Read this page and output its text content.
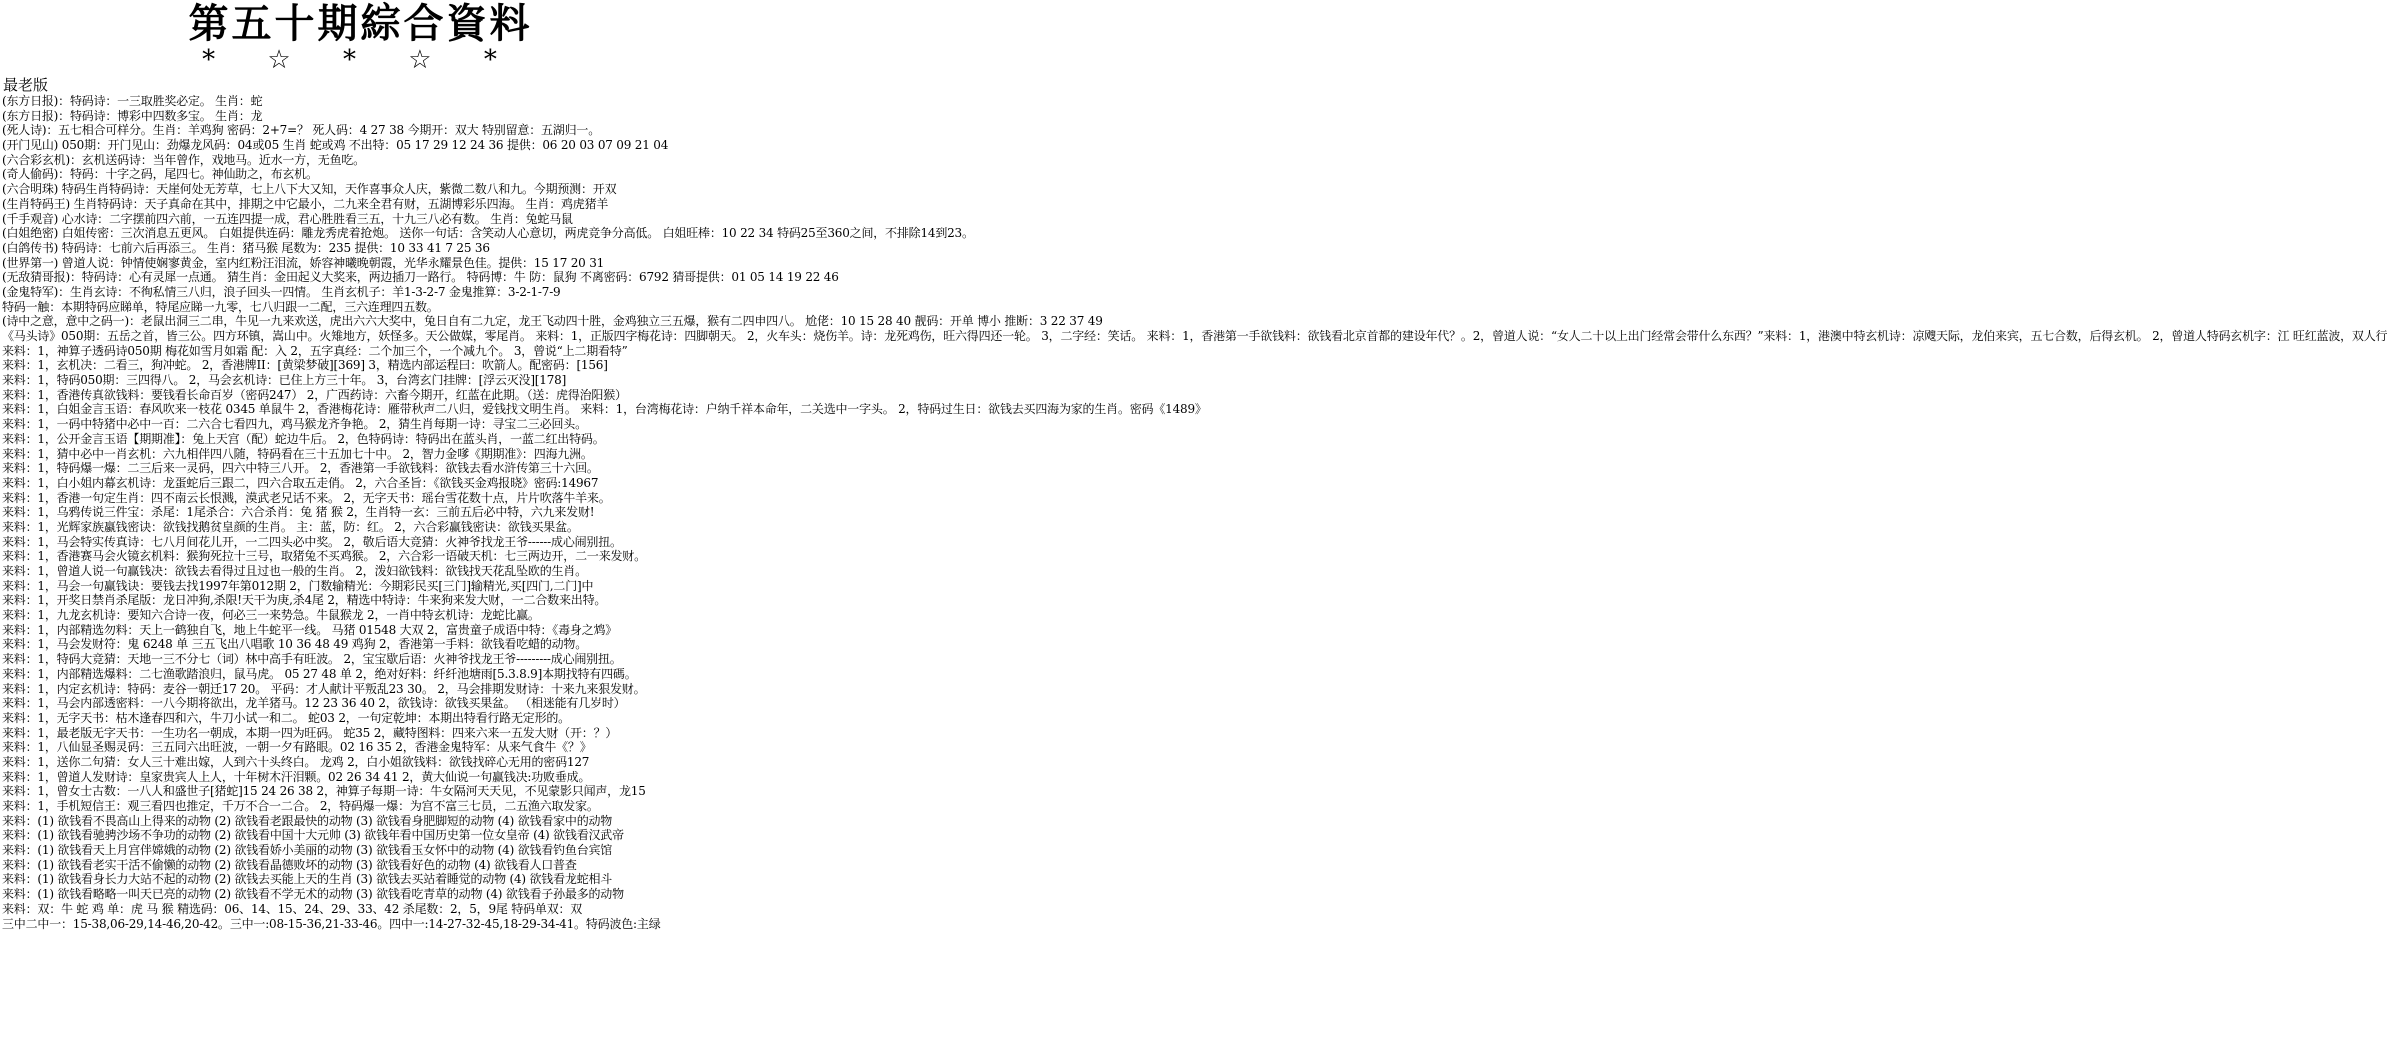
第五十期綜合資料
* ☆ * ☆ *
最老版
(东方日报)：特码诗：一三取胜奖必定。 生肖：蛇
(东方日报)：特码诗：博彩中四数多宝。 生肖：龙
(死人诗)：五七相合可样分。生肖：羊鸡狗 密码：2+7=？ 死人码：4 27 38 今期开：双大 特别留意：五湖归一。
(开门见山) 050期：开门见山：劲爆龙风码：04或05 生肖 蛇或鸡 不出特：05 17 29 12 24 36 提供：06 20 03 07 09 21 04
(六合彩玄机)：玄机送码诗：当年曾作，戏地马。近水一方，无鱼吃。
(奇人偷码)：特码：十字之码，尾四七。神仙助之，布玄机。
(六合明珠) 特码生肖特码诗：天崖何处无芳草，七上八下大又知，天作喜事众人庆，紫微二数八和九。今期预测：开双
(生肖特码王) 生肖特码诗：天子真命在其中，排期之中它最小，二九来全君有财，五湖博彩乐四海。 生肖：鸡虎猪羊
(千手观音) 心水诗：二字摆前四六前，一五连四提一成，君心胜胜看三五，十九三八必有数。 生肖：兔蛇马鼠
(白姐绝密) 白姐传密：三次消息五更风。 白姐提供连码：雕龙秀虎着抢炮。 送你一句话：含笑动人心意切，两虎竞争分高低。 白姐旺棒：10 22 34 特码25至360之间，不排除14到23。
(白鸽传书) 特码诗：七前六后再添三。 生肖：猪马猴 尾数为：235 提供：10 33 41 7 25 36
(世界第一) 曾道人说：钟情使娴寥黄金，室内红粉汪泪流，娇容神曦晚朝霞，光华永耀景色佳。提供：15 17 20 31
(无敌猜哥报)：特码诗：心有灵犀一点通。 猜生肖：金田起义大奖来，两边插刀一路行。 特码博：牛 防：鼠狗 不离密码：6792 猜哥提供：01 05 14 19 22 46
(金鬼特军)：生肖玄诗：不徇私情三八归，浪子回头一四情。 生肖玄机子：羊1-3-2-7 金鬼推算：3-2-1-7-9
特码一触：本期特码应睇单，特尾应睇一九零，七八归跟一二配，三六连理四五数。
(诗中之意，意中之码一)：老鼠出洞三二串，牛见一九来欢送，虎出六六大奖中，兔日自有二九定，龙王飞动四十胜，金鸡独立三五爆，猴有二四申四八。 尬佬：10 15 28 40 靓码：开单 博小 推断：3 22 37 49
《马头诗》050期：五岳之首，皆三公。四方环镇，嵩山中。火雉地方，妖怪多。天公做媒，零尾肖。 来料：1，正版四字梅花诗：四脚朝天。 2，火车头：烧伤羊。诗：龙死鸡伤，旺六得四还一轮。 3，二字经：笑话。 来料：1，香港第一手欲钱料：欲钱看北京首都的建设年代？。2，曾道人说：“女人二十以上出门经常会带什么东西？”来料：1，港澳中特玄机诗：凉飕天际，龙伯来宾，五七合数，后得玄机。 2，曾道人特码玄机字：江 旺红蓝波，双人行
来料：1，神算子透码诗050期 梅花如雪月如霜 配：入 2，五字真经：二个加三个，一个减九个。 3，曾说“上二期看特”
来料：1，玄机决：二看三，狗冲蛇。 2，香港牌II：[黄梁梦破][369] 3，精选内部运程曰：吹箭人。配密码：[156]
来料：1，特码050期：三四得八。 2，马会玄机诗：已住上方三十年。 3，台湾玄门挂牌：[浮云灭没][178]
来料：1，香港传真欲钱料：要钱看长命百岁（密码247） 2，广西药诗：六畜今期开，红蓝在此期。（送：虎得治阳猴）
来料：1，白姐金言玉语：春风吹来一枝花 0345 单鼠牛 2，香港梅花诗：雁带秋声二八归，爱钱找文明生肖。 来料：1，台湾梅花诗：户纳千祥本命年，二关选中一字头。 2，特码过生日：欲钱去买四海为家的生肖。密码《1489》
来料：1，一码中特猪中必中一百：二六合七看四九，鸡马猴龙齐争艳。 2，猜生肖每期一诗：寻宝二三必回头。
来料：1，公开金言玉语【期期准】：兔上天宫（配）蛇边牛后。 2，色特码诗：特码出在蓝头肖，一蓝二红出特码。
来料：1，猜中必中一肖玄机：六九相伴四八随，特码看在三十五加七十中。 2，智力金嗲《期期准》：四海九洲。
来料：1，特码爆一爆：二三后来一灵码，四六中特三八开。 2，香港第一手欲钱料：欲钱去看水浒传第三十六回。
来料：1，白小姐内幕玄机诗：龙蛋蛇后三跟二，四六合取五走俏。 2，六合圣旨：《欲钱买金鸡报晓》密码:14967
来料：1，香港一句定生肖：四不南云长恨溅，漠武老兄话不来。 2，无字天书：瑶台雪花数十点，片片吹落牛羊来。
来料：1，乌鸦传说三件宝：杀尾：1尾杀合：六合杀肖：兔 猪 猴 2，生肖特一玄：三前五后必中特，六九来发财!
来料：1，光辉家族蠃钱密诀：欲钱找鹅贫皇颜的生肖。 主：蓝，防：红。 2，六合彩赢钱密诀：欲钱买果盆。
来料：1，马会特实传真诗：七八月间花儿开，一二四头必中奖。 2，敬后语大竞猜：火神爷找龙王爷------成心闹别扭。
来料：1，香港赛马会火镜玄机料：猴狗死拉十三号，取猪兔不买鸡猴。 2，六合彩一语破天机：七三两边开，二一来发财。
来料：1，曾道人说一句赢钱决：欲钱去看得过且过也一般的生肖。 2，泼妇欲钱料：欲钱找天花乱坠欧的生肖。
来料：1，马会一句赢钱诀：要钱去找1997年第012期 2，门数输精光：今期彩民买[三门]输精光,买[四门,二门]中
来料：1，开奖日禁肖杀尾版：龙日冲狗,杀限!天干为庚,杀4尾 2，精选中特诗：牛来狗来发大财，一二合数来出特。
来料：1，九龙玄机诗：要知六合诗一夜，何必三一来势急。牛鼠猴龙 2，一肖中特玄机诗：龙蛇比赢。
来料：1，内部精选勿料：天上一鹤独自飞，地上牛蛇平一线。 马猪 01548 大双 2，富贵童子成语中特：《毒身之鸩》
来料：1，马会发财符：鬼 6248 单 三五飞出八唱歌 10 36 48 49 鸡狗 2，香港第一手料：欲钱看吃蜡的动物。
来料：1，特码大竞猜：天地一三不分七（词）林中高手有旺波。 2，宝宝歇后语：火神爷找龙王爷---------成心闹别扭。
来料：1，内部精选爆料：二七渔歌踏浪归，鼠马虎。 05 27 48 单 2，绝对好料：纤纤池塘雨[5.3.8.9]本期找特有四碼。
来料：1，内定玄机诗：特码：麦谷一朝迁17 20。 平码：才人献计平叛乱23 30。 2，马会排期发财诗：十来九来狠发财。
来料：1，马会内部透密料：一八今期将欲出，龙羊猪马。12 23 36 40 2，欲钱诗：欲钱买果盆。 （相迷能有几岁时）
来料：1，无字天书：枯木逢春四和六，牛刀小试一和二。 蛇03 2，一句定乾坤：本期出特看行路无定形的。
来料：1，最老版无字天书：一生功名一朝成，本期一四为旺码。 蛇35 2，藏特图料：四来六来一五发大财（开：？）
来料：1，八仙显圣赐灵码：三五同六出旺波，一朝一夕有路眼。02 16 35 2，香港金鬼特军：从来气食牛《？》
来料：1，送你二句猜：女人三十难出嫁，人到六十头终白。 龙鸡 2，白小姐欲钱料：欲钱找碎心无用的密码127
来料：1，曾道人发财诗：皇家贵宾人上人，十年树木汗泪颗。02 26 34 41 2，黄大仙说一句赢钱决:功败垂成。
来料：1，曾女士古数：一八人和盛世子[猪蛇]15 24 26 38 2，神算子每期一诗：牛女隔河天天见，不见蒙影只闻声，龙15
来料：1，手机短信王：观三看四也推定，千万不合一二合。 2，特码爆一爆：为宫不富三七员，二五渔六取发家。
来料：(1) 欲钱看不畏高山上得来的动物 (2) 欲钱看老跟最快的动物 (3) 欲钱看身肥脚短的动物 (4) 欲钱看家中的动物
来料：(1) 欲钱看驰骋沙场不争功的动物 (2) 欲钱看中国十大元帅 (3) 欲钱年看中国历史第一位女皇帝 (4) 欲钱看汉武帝
来料：(1) 欲钱看天上月宫伴嫦娥的动物 (2) 欲钱看娇小美丽的动物 (3) 欲钱看玉女怀中的动物 (4) 欲钱看钓鱼台宾馆
来料：(1) 欲钱看老实干活不偷懒的动物 (2) 欲钱看晶德败坏的动物 (3) 欲钱看好色的动物 (4) 欲钱看人口普查
来料：(1) 欲钱看身长力大站不起的动物 (2) 欲钱去买能上天的生肖 (3) 欲钱去买站着睡觉的动物 (4) 欲钱看龙蛇相斗
来料：(1) 欲钱看略略一叫天已亮的动物 (2) 欲钱看不学无术的动物 (3) 欲钱看吃青草的动物 (4) 欲钱看子孙最多的动物
来料：双：牛 蛇 鸡 单：虎 马 猴 精选码：06、14、15、24、29、33、42 杀尾数：2，5，9尾 特码单双：双
三中二中一：15-38,06-29,14-46,20-42。三中一:08-15-36,21-33-46。四中一:14-27-32-45,18-29-34-41。特码波色:主绿
